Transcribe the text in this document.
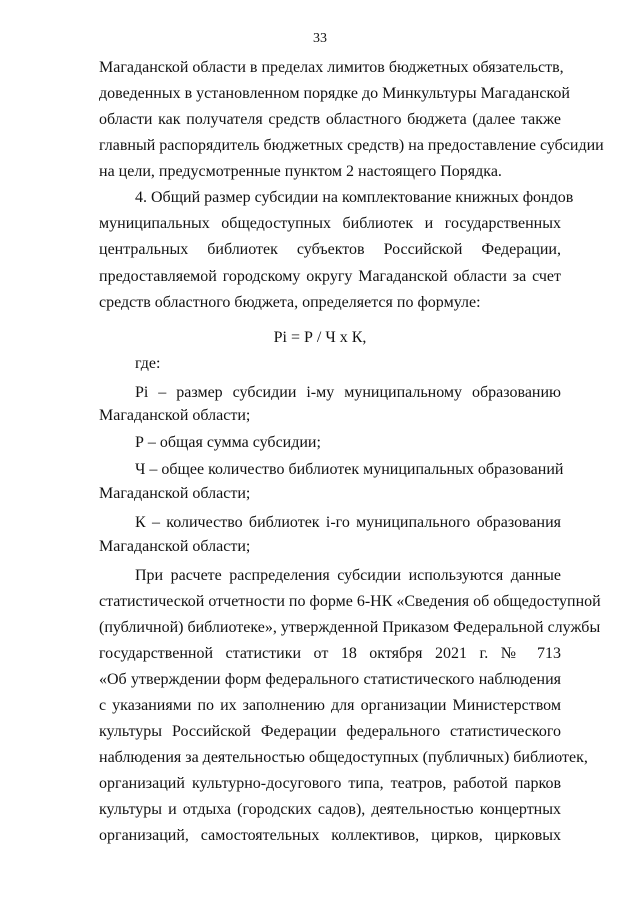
33
Магаданской области в пределах лимитов бюджетных обязательств,
доведенных в установленном порядке до Минкультуры Магаданской
области как получателя средств областного бюджета (далее также
главный распорядитель бюджетных средств) на предоставление субсидии
на цели, предусмотренные пунктом 2 настоящего Порядка.
4. Общий размер субсидии на комплектование книжных фондов
муниципальных общедоступных библиотек и государственных
центральных библиотек субъектов Российской Федерации,
предоставляемой городскому округу Магаданской области за счет
средств областного бюджета, определяется по формуле:
Pi = Р / Ч х К,
где:
Pi – размер субсидии i-му муниципальному образованию
Магаданской области;
Р – общая сумма субсидии;
Ч – общее количество библиотек муниципальных образований
Магаданской области;
К – количество библиотек i-го муниципального образования
Магаданской области;
При расчете распределения субсидии используются данные
статистической отчетности по форме 6-НК «Сведения об общедоступной
(публичной) библиотеке», утвержденной Приказом Федеральной службы
государственной статистики от 18 октября 2021 г. № 713
«Об утверждении форм федерального статистического наблюдения
с указаниями по их заполнению для организации Министерством
культуры Российской Федерации федерального статистического
наблюдения за деятельностью общедоступных (публичных) библиотек,
организаций культурно-досугового типа, театров, работой парков
культуры и отдыха (городских садов), деятельностью концертных
организаций, самостоятельных коллективов, цирков, цирковых
